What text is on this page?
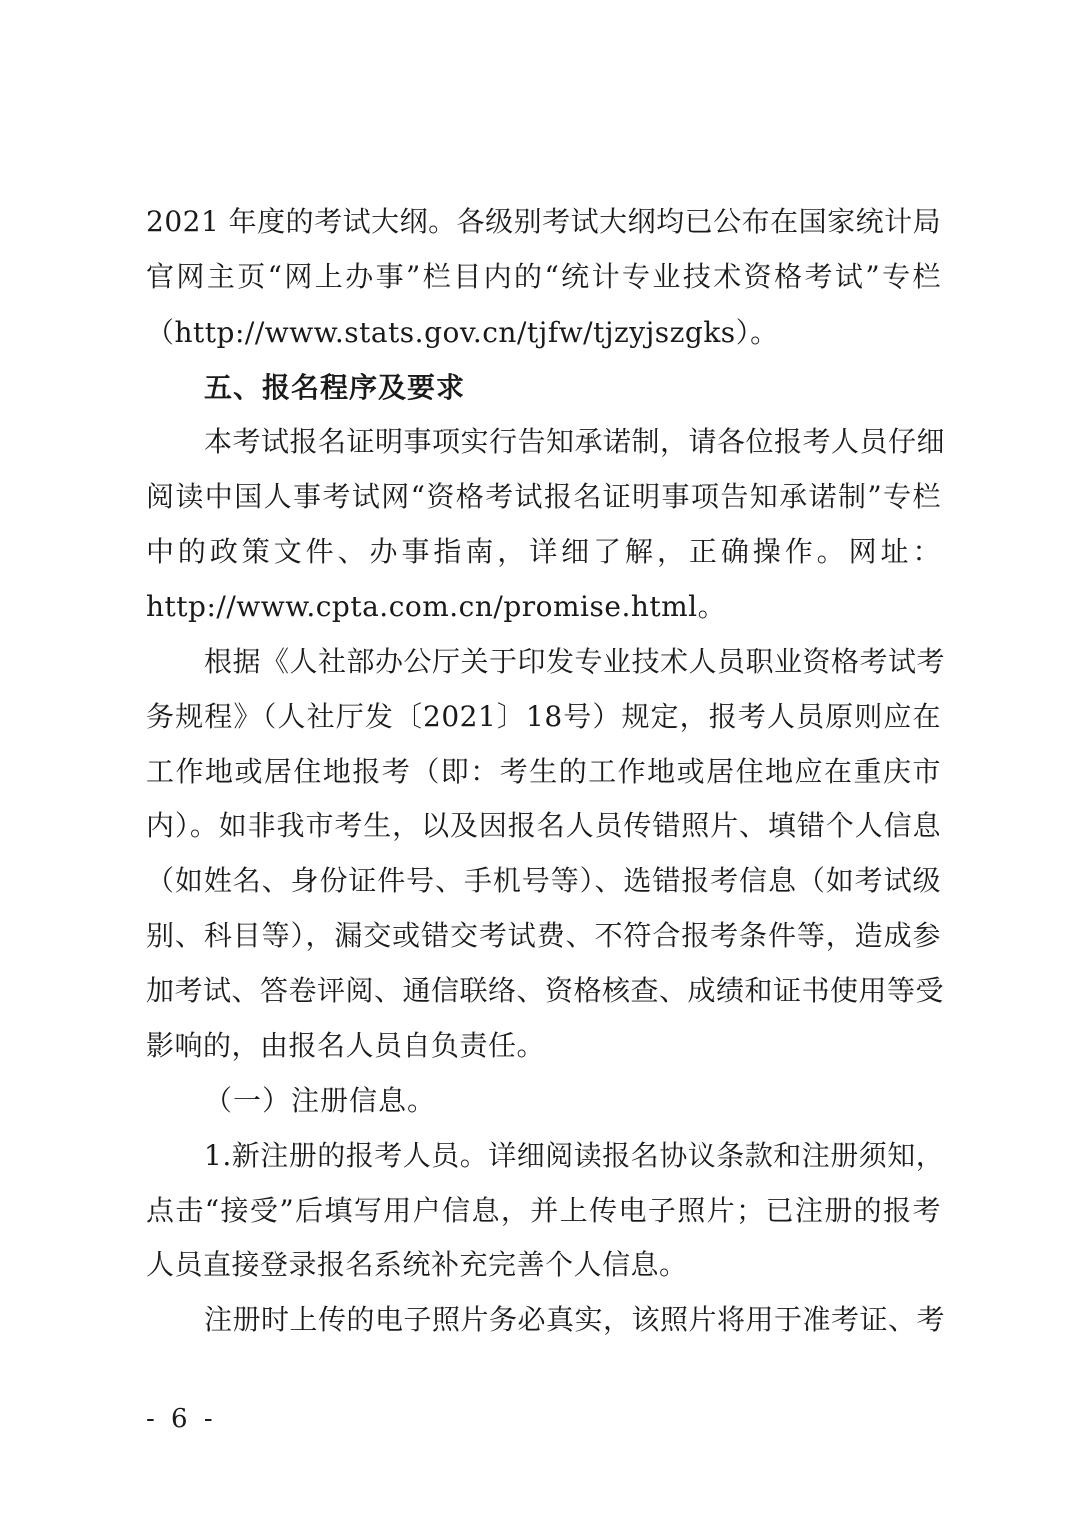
2021 年度的考试大纲。各级别考试大纲均已公布在国家统计局
官网主页“网上办事”栏目内的“统计专业技术资格考试”专栏
（http://www.stats.gov.cn/tjfw/tjzyjszgks）。
五、报名程序及要求
本考试报名证明事项实行告知承诺制，请各位报考人员仔细
阅读中国人事考试网“资格考试报名证明事项告知承诺制”专栏
中的政策文件、办事指南，详细了解，正确操作。网址：
http://www.cpta.com.cn/promise.html。
根据《人社部办公厅关于印发专业技术人员职业资格考试考
务规程》（人社厅发〔2021〕18号）规定，报考人员原则应在
工作地或居住地报考（即：考生的工作地或居住地应在重庆市
内）。如非我市考生，以及因报名人员传错照片、填错个人信息
（如姓名、身份证件号、手机号等）、选错报考信息（如考试级
别、科目等），漏交或错交考试费、不符合报考条件等，造成参
加考试、答卷评阅、通信联络、资格核查、成绩和证书使用等受
影响的，由报名人员自负责任。
（一）注册信息。
1.新注册的报考人员。详细阅读报名协议条款和注册须知，
点击“接受”后填写用户信息，并上传电子照片；已注册的报考
人员直接登录报名系统补充完善个人信息。
注册时上传的电子照片务必真实，该照片将用于准考证、考
- 6 -
